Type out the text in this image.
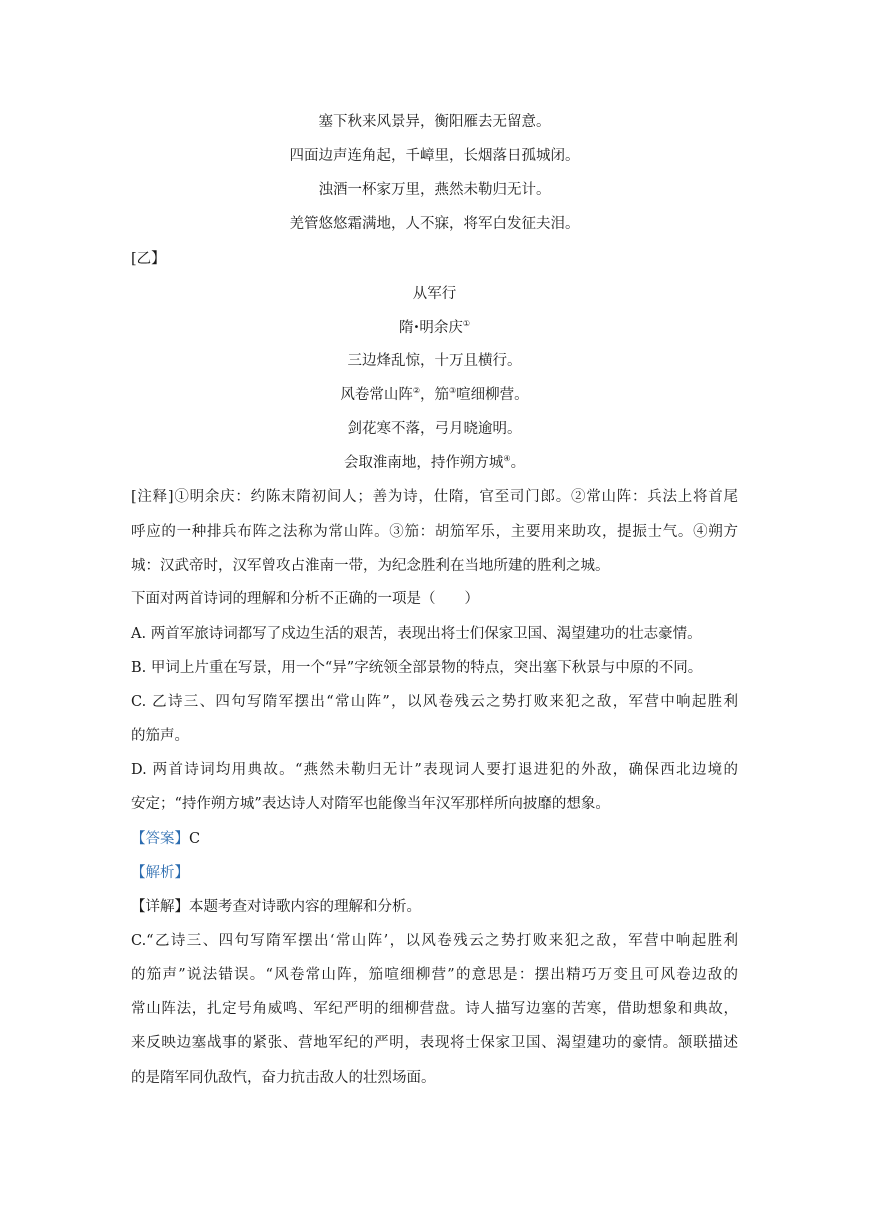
塞下秋来风景异，衡阳雁去无留意。
四面边声连角起，千嶂里，长烟落日孤城闭。
浊酒一杯家万里，燕然未勒归无计。
羌管悠悠霜满地，人不寐，将军白发征夫泪。
[乙】
从军行
隋•明余庆①
三边烽乱惊，十万且横行。
风卷常山阵②，笳③喧细柳营。
剑花寒不落，弓月晓逾明。
会取淮南地，持作朔方城④。
[注释]①明余庆：约陈末隋初间人；善为诗，仕隋，官至司门郎。②常山阵：兵法上将首尾
呼应的一种排兵布阵之法称为常山阵。③笳：胡笳军乐，主要用来助攻，提振士气。④朔方
城：汉武帝时，汉军曾攻占淮南一带，为纪念胜利在当地所建的胜利之城。
下面对两首诗词的理解和分析不正确的一项是（　　）
A. 两首军旅诗词都写了戍边生活的艰苦，表现出将士们保家卫国、渴望建功的壮志豪情。
B. 甲词上片重在写景，用一个“异”字统领全部景物的特点，突出塞下秋景与中原的不同。
C. 乙诗三、四句写隋军摆出“常山阵”，以风卷残云之势打败来犯之敌，军营中响起胜利
的笳声。
D. 两首诗词均用典故。“燕然未勒归无计”表现词人要打退进犯的外敌，确保西北边境的
安定；“持作朔方城”表达诗人对隋军也能像当年汉军那样所向披靡的想象。
【答案】C
【解析】
【详解】本题考查对诗歌内容的理解和分析。
C.“乙诗三、四句写隋军摆出‘常山阵’，以风卷残云之势打败来犯之敌，军营中响起胜利
的笳声”说法错误。“风卷常山阵，笳喧细柳营”的意思是：摆出精巧万变且可风卷边敌的
常山阵法，扎定号角威鸣、军纪严明的细柳营盘。诗人描写边塞的苦寒，借助想象和典故，
来反映边塞战事的紧张、营地军纪的严明，表现将士保家卫国、渴望建功的豪情。颔联描述
的是隋军同仇敌忾，奋力抗击敌人的壮烈场面。
